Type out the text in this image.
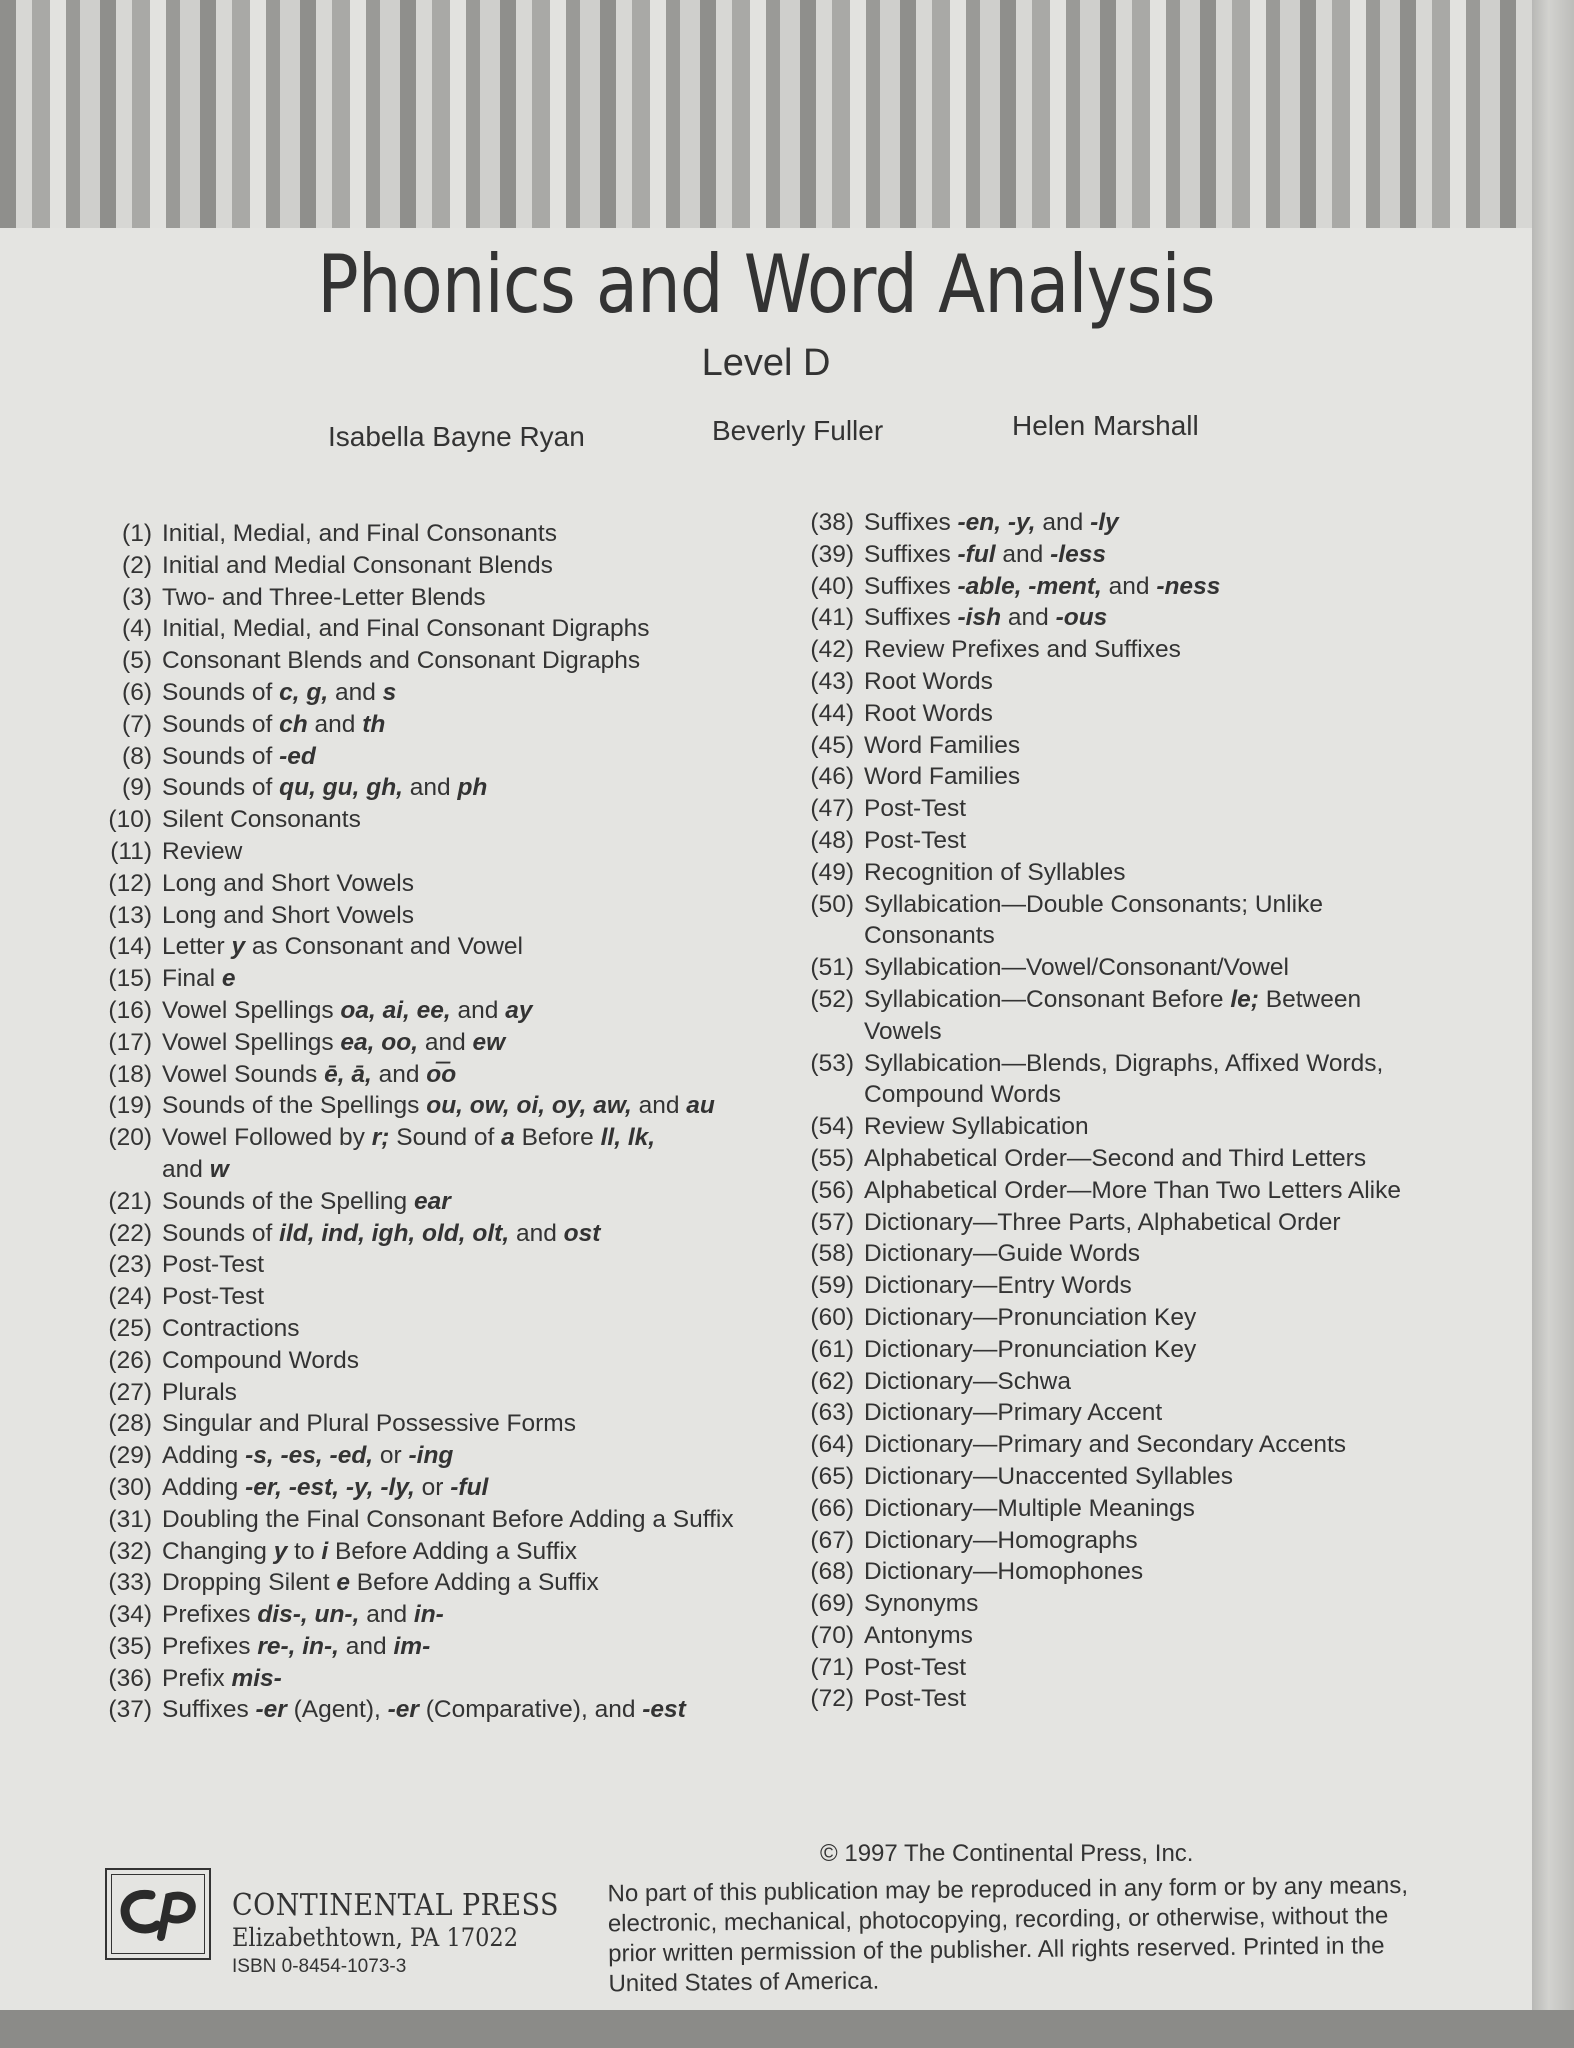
Phonics and Word Analysis
Level D
Isabella Bayne Ryan	Beverly Fuller	Helen Marshall
(1) Initial, Medial, and Final Consonants
(2) Initial and Medial Consonant Blends
(3) Two- and Three-Letter Blends
(4) Initial, Medial, and Final Consonant Digraphs
(5) Consonant Blends and Consonant Digraphs
(6) Sounds of c, g, and s
(7) Sounds of ch and th
(8) Sounds of -ed
(9) Sounds of qu, gu, gh, and ph
(10) Silent Consonants
(11) Review
(12) Long and Short Vowels
(13) Long and Short Vowels
(14) Letter y as Consonant and Vowel
(15) Final e
(16) Vowel Spellings oa, ai, ee, and ay
(17) Vowel Spellings ea, oo, and ew
(18) Vowel Sounds ē, ā, and o͞o
(19) Sounds of the Spellings ou, ow, oi, oy, aw, and au
(20) Vowel Followed by r; Sound of a Before ll, lk,
and w
(21) Sounds of the Spelling ear
(22) Sounds of ild, ind, igh, old, olt, and ost
(23) Post-Test
(24) Post-Test
(25) Contractions
(26) Compound Words
(27) Plurals
(28) Singular and Plural Possessive Forms
(29) Adding -s, -es, -ed, or -ing
(30) Adding -er, -est, -y, -ly, or -ful
(31) Doubling the Final Consonant Before Adding a Suffix
(32) Changing y to i Before Adding a Suffix
(33) Dropping Silent e Before Adding a Suffix
(34) Prefixes dis-, un-, and in-
(35) Prefixes re-, in-, and im-
(36) Prefix mis-
(37) Suffixes -er (Agent), -er (Comparative), and -est
(38) Suffixes -en, -y, and -ly
(39) Suffixes -ful and -less
(40) Suffixes -able, -ment, and -ness
(41) Suffixes -ish and -ous
(42) Review Prefixes and Suffixes
(43) Root Words
(44) Root Words
(45) Word Families
(46) Word Families
(47) Post-Test
(48) Post-Test
(49) Recognition of Syllables
(50) Syllabication—Double Consonants; Unlike
Consonants
(51) Syllabication—Vowel/Consonant/Vowel
(52) Syllabication—Consonant Before le; Between
Vowels
(53) Syllabication—Blends, Digraphs, Affixed Words,
Compound Words
(54) Review Syllabication
(55) Alphabetical Order—Second and Third Letters
(56) Alphabetical Order—More Than Two Letters Alike
(57) Dictionary—Three Parts, Alphabetical Order
(58) Dictionary—Guide Words
(59) Dictionary—Entry Words
(60) Dictionary—Pronunciation Key
(61) Dictionary—Pronunciation Key
(62) Dictionary—Schwa
(63) Dictionary—Primary Accent
(64) Dictionary—Primary and Secondary Accents
(65) Dictionary—Unaccented Syllables
(66) Dictionary—Multiple Meanings
(67) Dictionary—Homographs
(68) Dictionary—Homophones
(69) Synonyms
(70) Antonyms
(71) Post-Test
(72) Post-Test
© 1997 The Continental Press, Inc.
No part of this publication may be reproduced in any form or by any means, electronic, mechanical, photocopying, recording, or otherwise, without the prior written permission of the publisher. All rights reserved. Printed in the United States of America.
CONTINENTAL PRESS
Elizabethtown, PA 17022
ISBN 0-8454-1073-3
